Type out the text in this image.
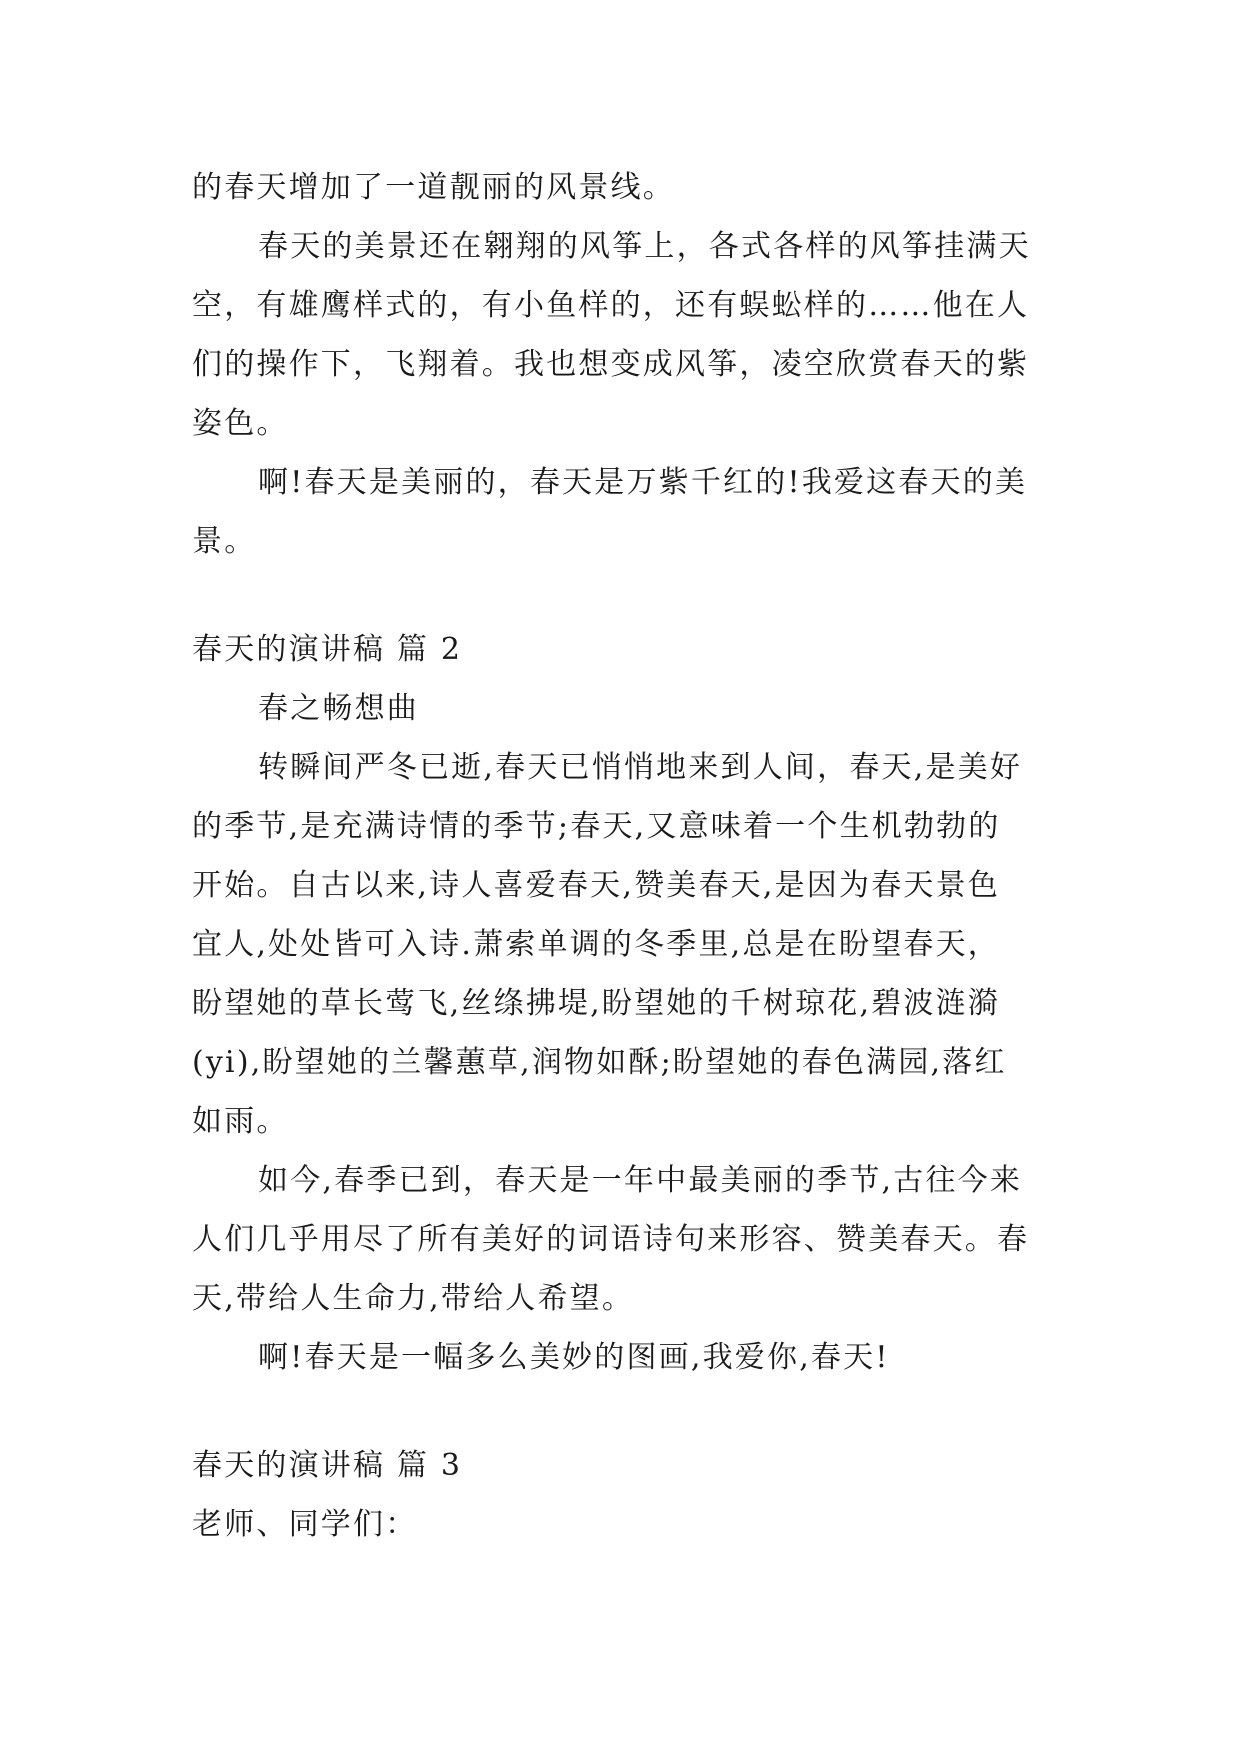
的春天增加了一道靓丽的风景线。

春天的美景还在翱翔的风筝上，各式各样的风筝挂满天

空，有雄鹰样式的，有小鱼样的，还有蜈蚣样的……他在人

们的操作下，飞翔着。我也想变成风筝，凌空欣赏春天的紫

姿色。

啊!春天是美丽的，春天是万紫千红的!我爱这春天的美

景。

春天的演讲稿 篇 2

春之畅想曲

转瞬间严冬已逝,春天已悄悄地来到人间，春天,是美好

的季节,是充满诗情的季节;春天,又意味着一个生机勃勃的

开始。自古以来,诗人喜爱春天,赞美春天,是因为春天景色

宜人,处处皆可入诗.萧索单调的冬季里,总是在盼望春天，

盼望她的草长莺飞,丝绦拂堤,盼望她的千树琼花,碧波涟漪

(yi),盼望她的兰馨蕙草,润物如酥;盼望她的春色满园,落红

如雨。

如今,春季已到，春天是一年中最美丽的季节,古往今来

人们几乎用尽了所有美好的词语诗句来形容、赞美春天。春

天,带给人生命力,带给人希望。

啊!春天是一幅多么美妙的图画,我爱你,春天!

春天的演讲稿 篇 3

老师、同学们：
